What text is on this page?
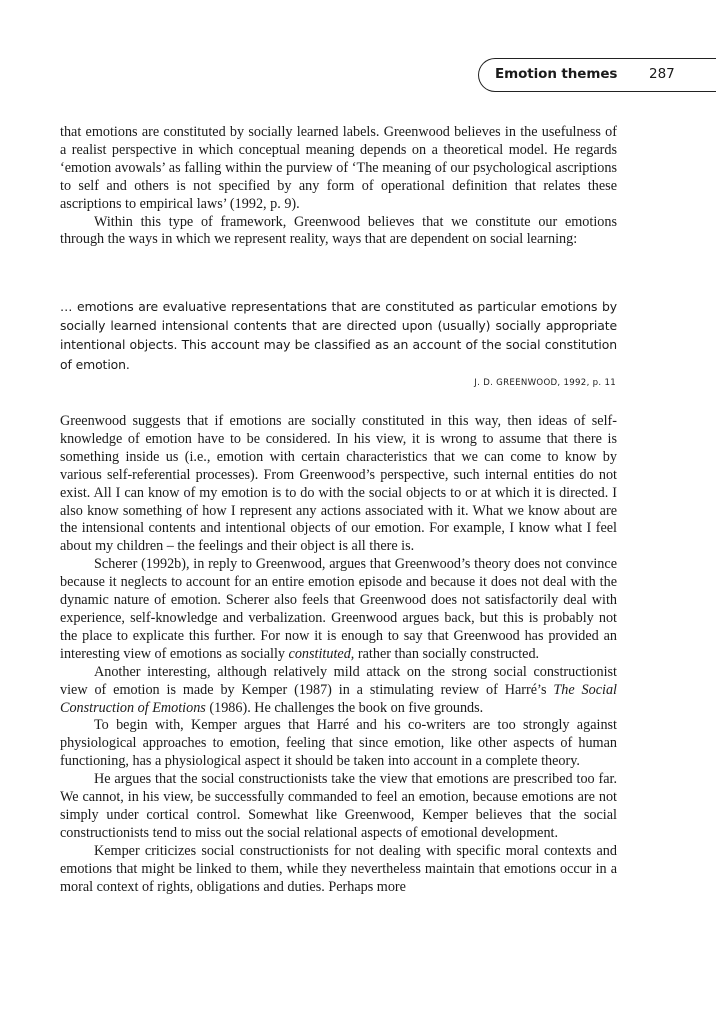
Emotion themes 287

that emotions are constituted by socially learned labels. Greenwood believes in the usefulness of a realist perspective in which conceptual meaning depends on a theoretical model. He regards ‘emotion avowals’ as falling within the purview of ‘The meaning of our psychological ascriptions to self and others is not specified by any form of operational definition that relates these ascriptions to empirical laws’ (1992, p. 9).

Within this type of framework, Greenwood believes that we constitute our emotions through the ways in which we represent reality, ways that are dependent on social learning:

… emotions are evaluative representations that are constituted as particular emotions by socially learned intensional contents that are directed upon (usually) socially appropriate intentional objects. This account may be classified as an account of the social constitution of emotion.
J. D. GREENWOOD, 1992, p. 11

Greenwood suggests that if emotions are socially constituted in this way, then ideas of self-knowledge of emotion have to be considered. In his view, it is wrong to assume that there is something inside us (i.e., emotion with certain characteristics that we can come to know by various self-referential processes). From Greenwood’s perspective, such internal entities do not exist. All I can know of my emotion is to do with the social objects to or at which it is directed. I also know something of how I represent any actions associated with it. What we know about are the intensional contents and intentional objects of our emotion. For example, I know what I feel about my children – the feelings and their object is all there is.

Scherer (1992b), in reply to Greenwood, argues that Greenwood’s theory does not convince because it neglects to account for an entire emotion episode and because it does not deal with the dynamic nature of emotion. Scherer also feels that Greenwood does not satisfactorily deal with experience, self-knowledge and verbalization. Greenwood argues back, but this is probably not the place to explicate this further. For now it is enough to say that Greenwood has provided an interesting view of emotions as socially constituted, rather than socially constructed.

Another interesting, although relatively mild attack on the strong social constructionist view of emotion is made by Kemper (1987) in a stimulating review of Harré’s The Social Construction of Emotions (1986). He challenges the book on five grounds.

To begin with, Kemper argues that Harré and his co-writers are too strongly against physiological approaches to emotion, feeling that since emotion, like other aspects of human functioning, has a physiological aspect it should be taken into account in a complete theory.

He argues that the social constructionists take the view that emotions are prescribed too far. We cannot, in his view, be successfully commanded to feel an emotion, because emotions are not simply under cortical control. Somewhat like Greenwood, Kemper believes that the social constructionists tend to miss out the social relational aspects of emotional development.

Kemper criticizes social constructionists for not dealing with specific moral contexts and emotions that might be linked to them, while they nevertheless maintain that emotions occur in a moral context of rights, obligations and duties. Perhaps more
